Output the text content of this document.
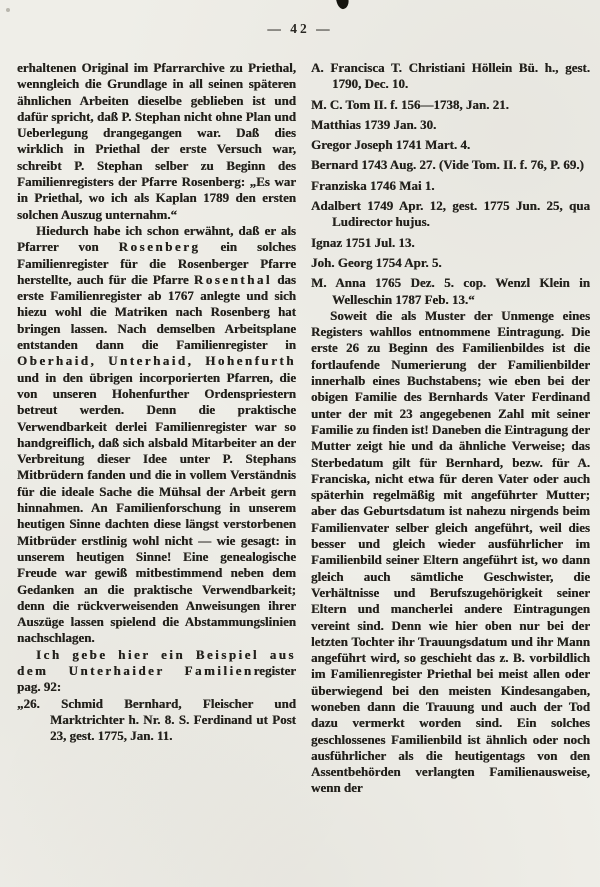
— 42 —

erhaltenen Original im Pfarrarchive zu Priethal, wenngleich die Grundlage in all seinen späteren ähnlichen Arbeiten dieselbe geblieben ist und dafür spricht, daß P. Stephan nicht ohne Plan und Ueberlegung drangegangen war. Daß dies wirklich in Priethal der erste Versuch war, schreibt P. Stephan selber zu Beginn des Familienregisters der Pfarre Rosenberg: „Es war in Priethal, wo ich als Kaplan 1789 den ersten solchen Auszug unternahm.“

Hiedurch habe ich schon erwähnt, daß er als Pfarrer von Rosenberg ein solches Familienregister für die Rosenberger Pfarre herstellte, auch für die Pfarre Rosenthal das erste Familienregister ab 1767 anlegte und sich hiezu wohl die Matriken nach Rosenberg hat bringen lassen. Nach demselben Arbeitsplane entstanden dann die Familienregister in Oberhaid, Unterhaid, Hohenfurth und in den übrigen incorporierten Pfarren, die von unseren Hohenfurther Ordenspriestern betreut werden. Denn die praktische Verwendbarkeit derlei Familienregister war so handgreiflich, daß sich alsbald Mitarbeiter an der Verbreitung dieser Idee unter P. Stephans Mitbrüdern fanden und die in vollem Verständnis für die ideale Sache die Mühsal der Arbeit gern hinnahmen. An Familienforschung in unserem heutigen Sinne dachten diese längst verstorbenen Mitbrüder erstlinig wohl nicht — wie gesagt: in unserem heutigen Sinne! Eine genealogische Freude war gewiß mitbestimmend neben dem Gedanken an die praktische Verwendbarkeit; denn die rückverweisenden Anweisungen ihrer Auszüge lassen spielend die Abstammungslinien nachschlagen.

Ich gebe hier ein Beispiel aus dem Unterhaider Familienregister pag. 92:

„26. Schmid Bernhard, Fleischer und Marktrichter h. Nr. 8. S. Ferdinand ut Post 23, gest. 1775, Jan. 11.

A. Francisca T. Christiani Höllein Bü. h., gest. 1790, Dec. 10.

M. C. Tom II. f. 156—1738, Jan. 21.

Matthias 1739 Jan. 30.

Gregor Joseph 1741 Mart. 4.

Bernard 1743 Aug. 27. (Vide Tom. II. f. 76, P. 69.)

Franziska 1746 Mai 1.

Adalbert 1749 Apr. 12, gest. 1775 Jun. 25, qua Ludirector hujus.

Ignaz 1751 Jul. 13.

Joh. Georg 1754 Apr. 5.

M. Anna 1765 Dez. 5. cop. Wenzl Klein in Welleschin 1787 Feb. 13.“

Soweit die als Muster der Unmenge eines Registers wahllos entnommene Eintragung. Die erste 26 zu Beginn des Familienbildes ist die fortlaufende Numerierung der Familienbilder innerhalb eines Buchstabens; wie eben bei der obigen Familie des Bernhards Vater Ferdinand unter der mit 23 angegebenen Zahl mit seiner Familie zu finden ist! Daneben die Eintragung der Mutter zeigt hie und da ähnliche Verweise; das Sterbedatum gilt für Bernhard, bezw. für A. Franciska, nicht etwa für deren Vater oder auch späterhin regelmäßig mit angeführter Mutter; aber das Geburtsdatum ist nahezu nirgends beim Familienvater selber gleich angeführt, weil dies besser und gleich wieder ausführlicher im Familienbild seiner Eltern angeführt ist, wo dann gleich auch sämtliche Geschwister, die Verhältnisse und Berufszugehörigkeit seiner Eltern und mancherlei andere Eintragungen vereint sind. Denn wie hier oben nur bei der letzten Tochter ihr Trauungsdatum und ihr Mann angeführt wird, so geschieht das z. B. vorbildlich im Familienregister Priethal bei meist allen oder überwiegend bei den meisten Kindesangaben, woneben dann die Trauung und auch der Tod dazu vermerkt worden sind. Ein solches geschlossenes Familienbild ist ähnlich oder noch ausführlicher als die heutigentags von den Assentbehörden verlangten Familienausweise, wenn der
